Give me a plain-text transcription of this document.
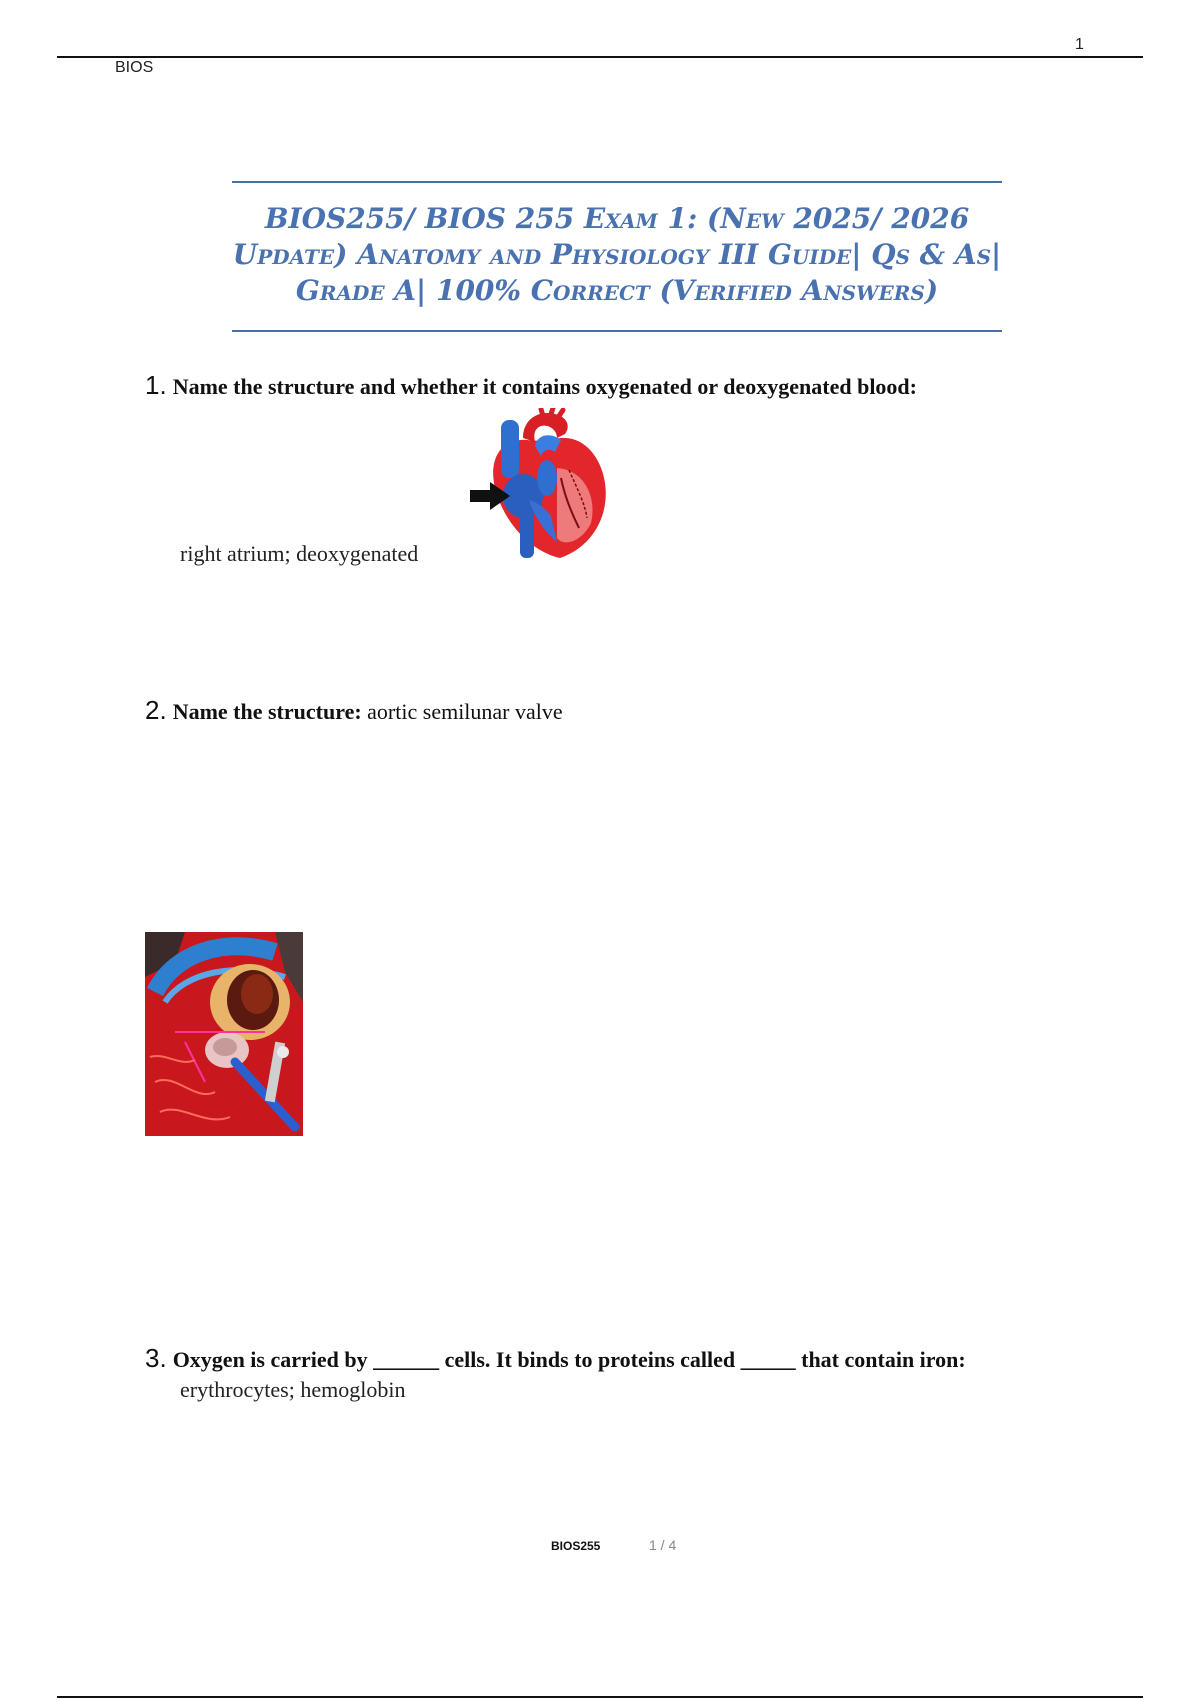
1
BIOS
BIOS255/ BIOS 255 Exam 1: (New 2025/ 2026
Update) Anatomy and Physiology III Guide| Qs & As|
Grade A| 100% Correct (Verified Answers)
1. Name the structure and whether it contains oxygenated or deoxygenated blood:
right atrium; deoxygenated
2. Name the structure: aortic semilunar valve
3. Oxygen is carried by ______ cells. It binds to proteins called _____ that contain iron:
erythrocytes; hemoglobin
BIOS255	1 / 4
